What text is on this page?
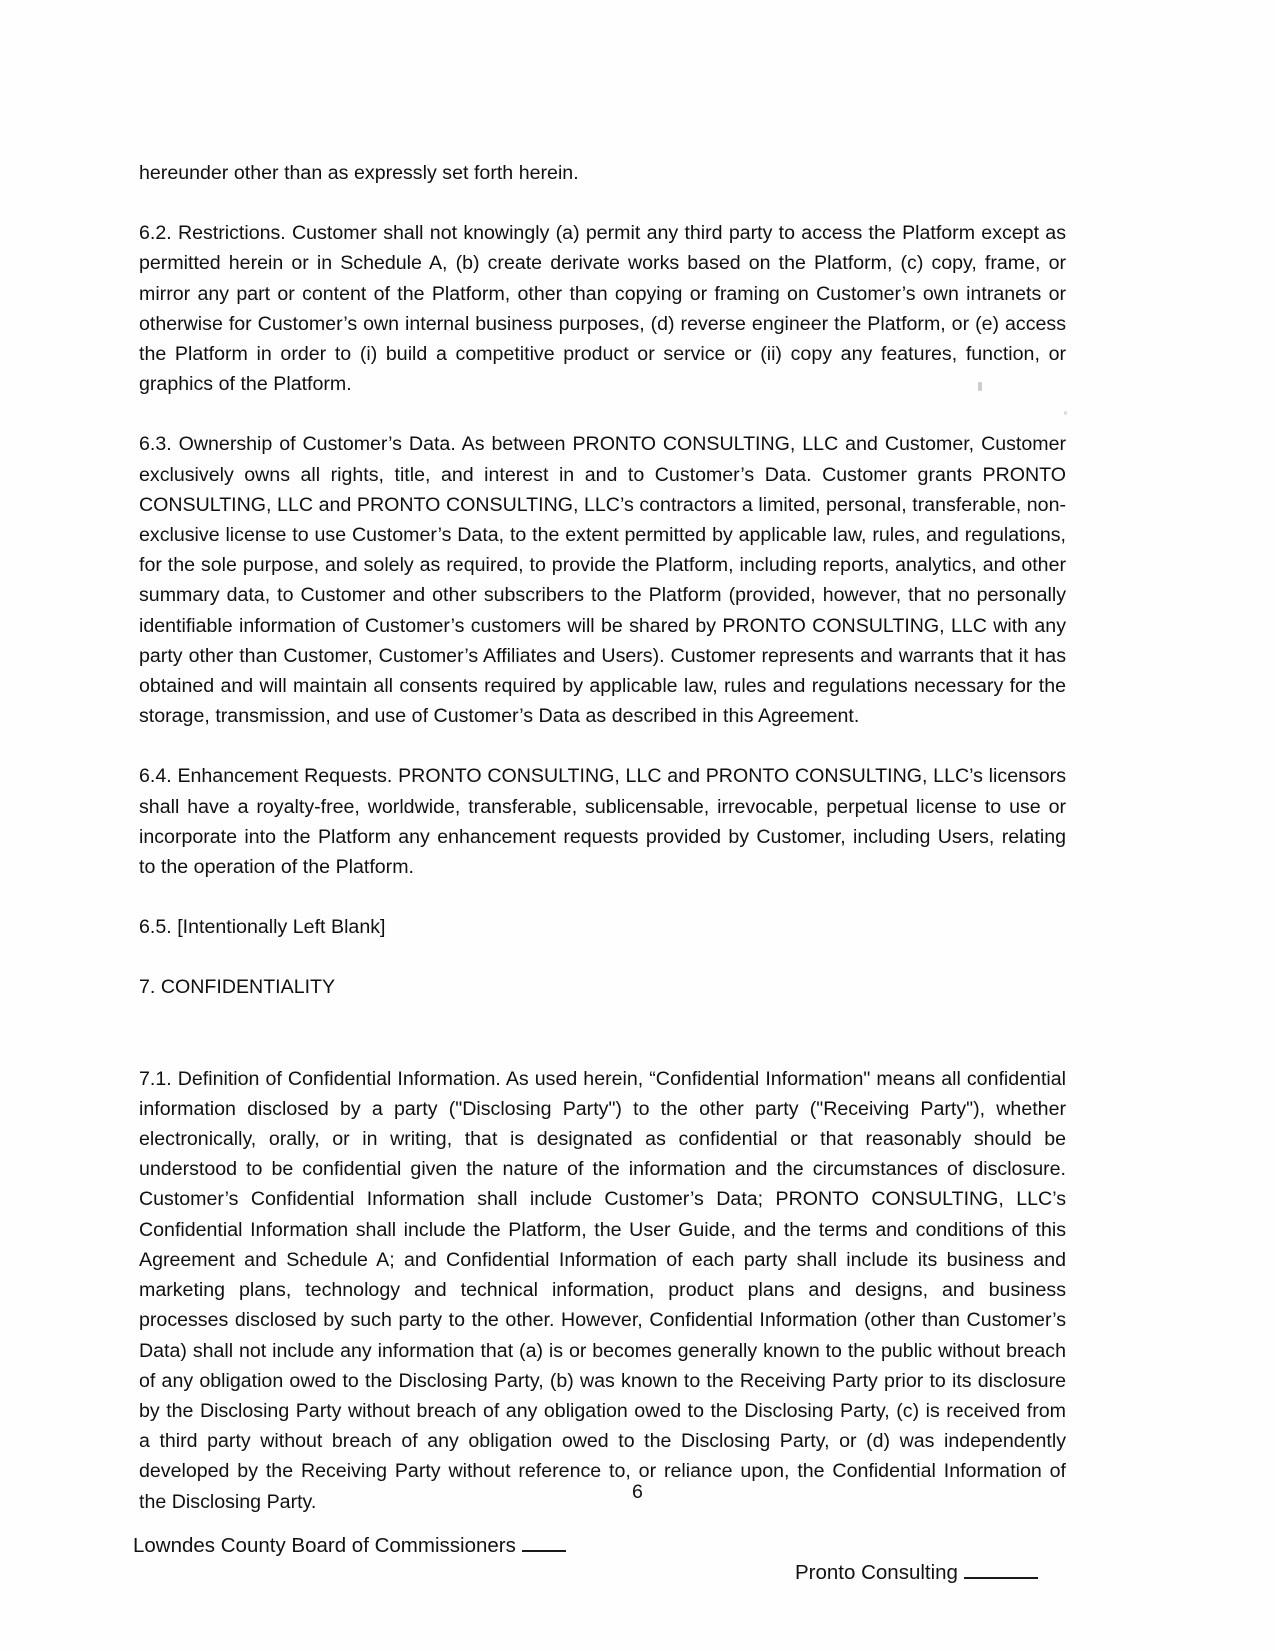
hereunder other than as expressly set forth herein.

6.2. Restrictions. Customer shall not knowingly (a) permit any third party to access the Platform except as permitted herein or in Schedule A, (b) create derivate works based on the Platform, (c) copy, frame, or mirror any part or content of the Platform, other than copying or framing on Customer’s own intranets or otherwise for Customer’s own internal business purposes, (d) reverse engineer the Platform, or (e) access the Platform in order to (i) build a competitive product or service or (ii) copy any features, function, or graphics of the Platform.

6.3. Ownership of Customer’s Data. As between PRONTO CONSULTING, LLC and Customer, Customer exclusively owns all rights, title, and interest in and to Customer’s Data. Customer grants PRONTO CONSULTING, LLC and PRONTO CONSULTING, LLC’s contractors a limited, personal, transferable, non-exclusive license to use Customer’s Data, to the extent permitted by applicable law, rules, and regulations, for the sole purpose, and solely as required, to provide the Platform, including reports, analytics, and other summary data, to Customer and other subscribers to the Platform (provided, however, that no personally identifiable information of Customer’s customers will be shared by PRONTO CONSULTING, LLC with any party other than Customer, Customer’s Affiliates and Users). Customer represents and warrants that it has obtained and will maintain all consents required by applicable law, rules and regulations necessary for the storage, transmission, and use of Customer’s Data as described in this Agreement.

6.4. Enhancement Requests. PRONTO CONSULTING, LLC and PRONTO CONSULTING, LLC’s licensors shall have a royalty-free, worldwide, transferable, sublicensable, irrevocable, perpetual license to use or incorporate into the Platform any enhancement requests provided by Customer, including Users, relating to the operation of the Platform.

6.5. [Intentionally Left Blank]

7. CONFIDENTIALITY

7.1. Definition of Confidential Information. As used herein, “Confidential Information" means all confidential information disclosed by a party ("Disclosing Party") to the other party ("Receiving Party"), whether electronically, orally, or in writing, that is designated as confidential or that reasonably should be understood to be confidential given the nature of the information and the circumstances of disclosure. Customer’s Confidential Information shall include Customer’s Data; PRONTO CONSULTING, LLC’s Confidential Information shall include the Platform, the User Guide, and the terms and conditions of this Agreement and Schedule A; and Confidential Information of each party shall include its business and marketing plans, technology and technical information, product plans and designs, and business processes disclosed by such party to the other. However, Confidential Information (other than Customer’s Data) shall not include any information that (a) is or becomes generally known to the public without breach of any obligation owed to the Disclosing Party, (b) was known to the Receiving Party prior to its disclosure by the Disclosing Party without breach of any obligation owed to the Disclosing Party, (c) is received from a third party without breach of any obligation owed to the Disclosing Party, or (d) was independently developed by the Receiving Party without reference to, or reliance upon, the Confidential Information of the Disclosing Party.	6
Lowndes County Board of Commissioners
Pronto Consulting
